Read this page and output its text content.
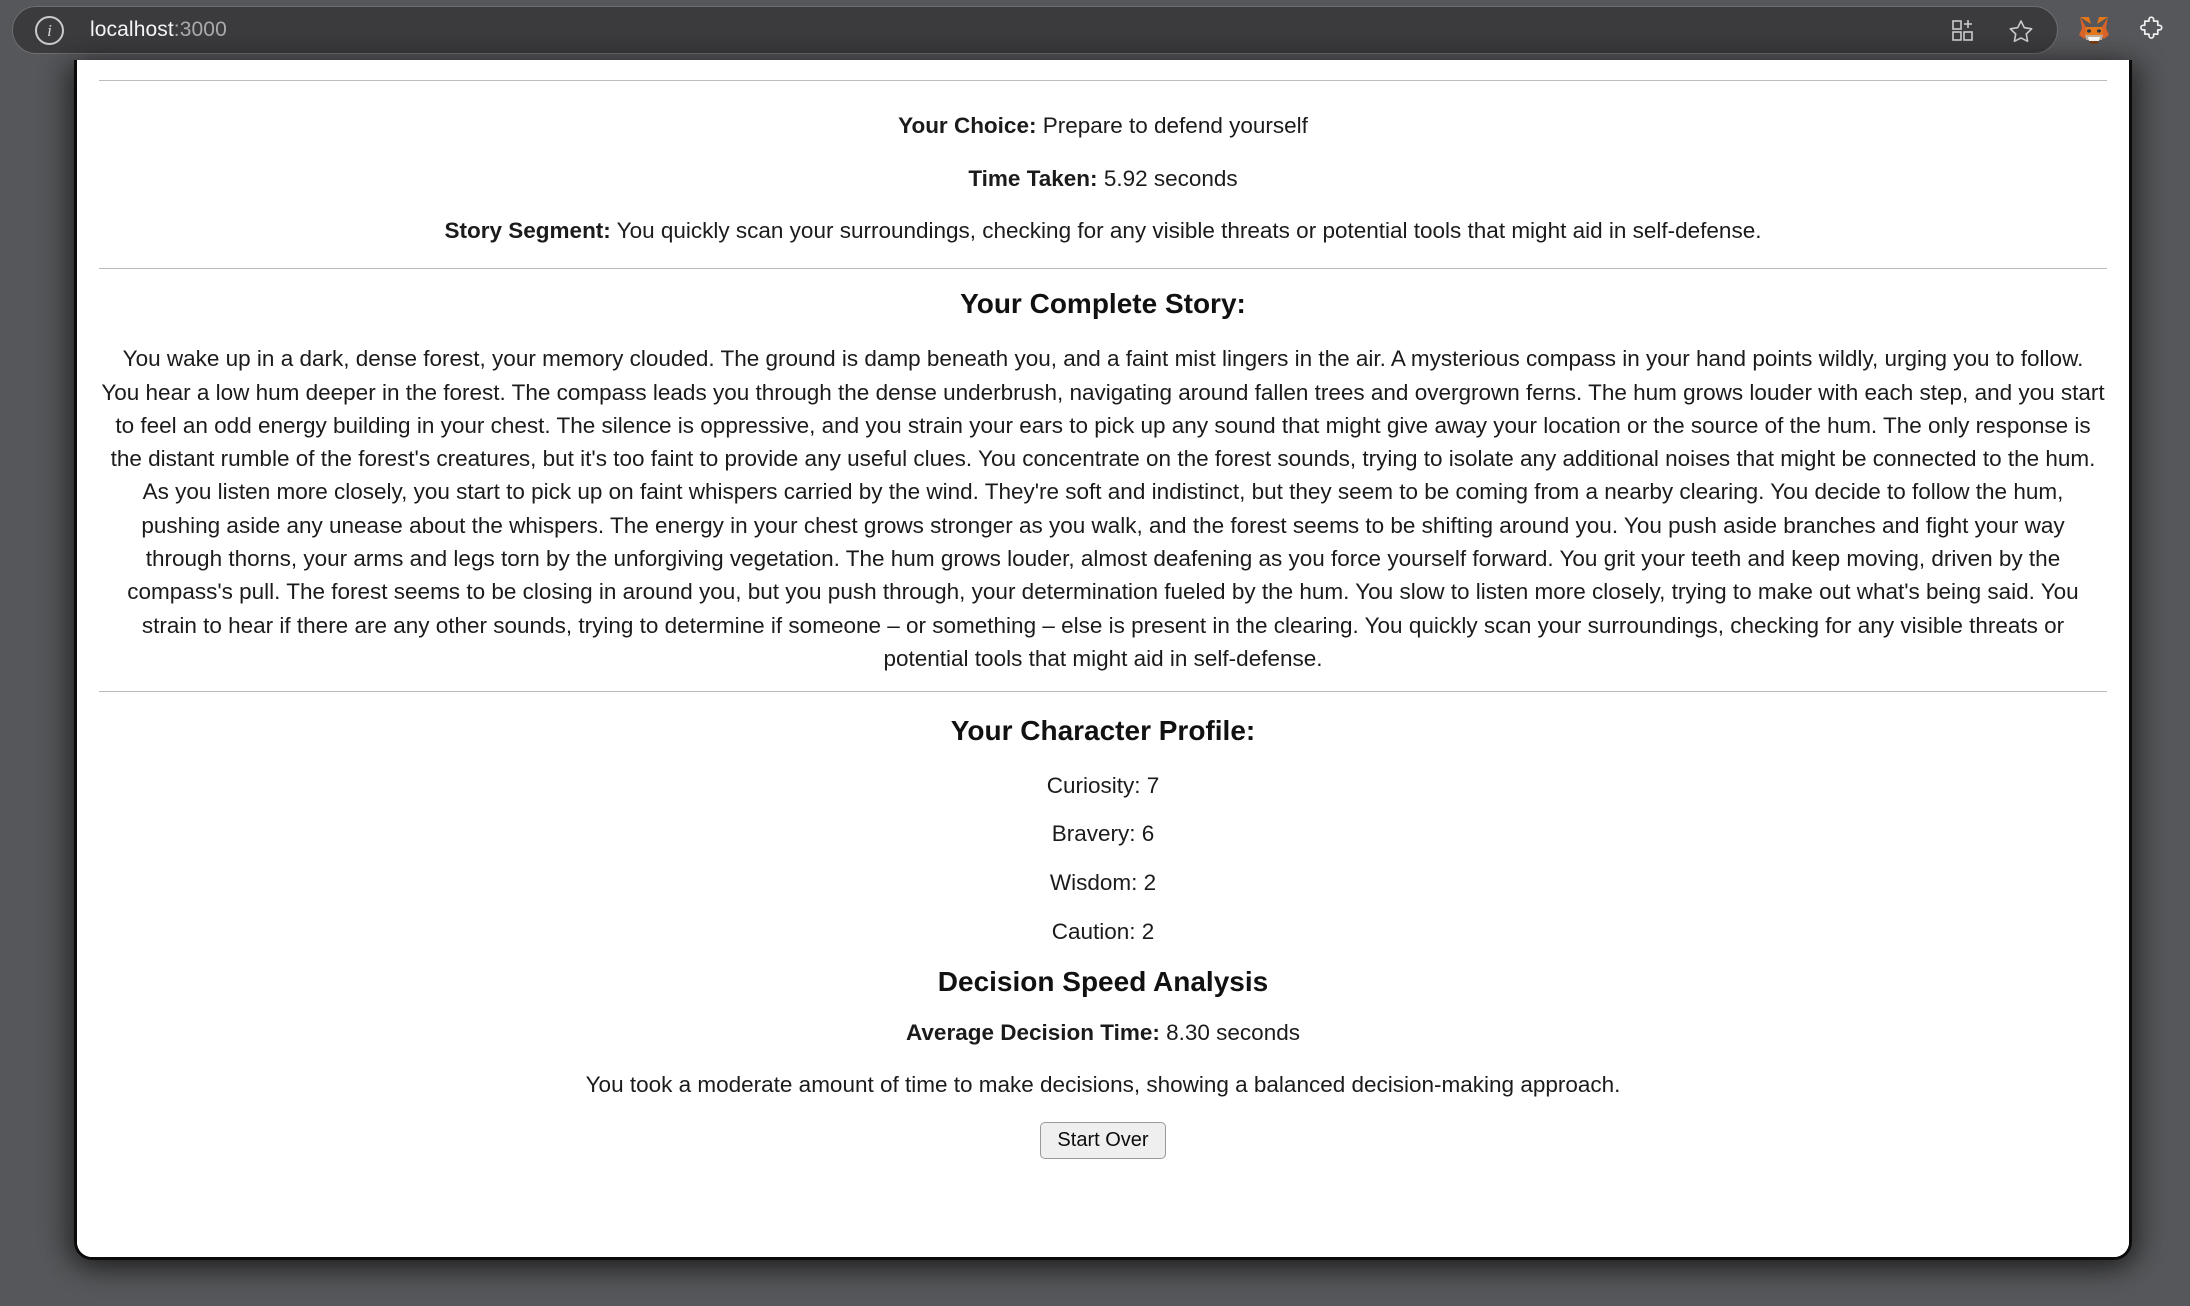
i	localhost:3000

Your Choice: Prepare to defend yourself

Time Taken: 5.92 seconds

Story Segment: You quickly scan your surroundings, checking for any visible threats or potential tools that might aid in self-defense.

Your Complete Story:

You wake up in a dark, dense forest, your memory clouded. The ground is damp beneath you, and a faint mist lingers in the air. A mysterious compass in your hand points wildly, urging you to follow. You hear a low hum deeper in the forest. The compass leads you through the dense underbrush, navigating around fallen trees and overgrown ferns. The hum grows louder with each step, and you start to feel an odd energy building in your chest. The silence is oppressive, and you strain your ears to pick up any sound that might give away your location or the source of the hum. The only response is the distant rumble of the forest's creatures, but it's too faint to provide any useful clues. You concentrate on the forest sounds, trying to isolate any additional noises that might be connected to the hum. As you listen more closely, you start to pick up on faint whispers carried by the wind. They're soft and indistinct, but they seem to be coming from a nearby clearing. You decide to follow the hum, pushing aside any unease about the whispers. The energy in your chest grows stronger as you walk, and the forest seems to be shifting around you. You push aside branches and fight your way through thorns, your arms and legs torn by the unforgiving vegetation. The hum grows louder, almost deafening as you force yourself forward. You grit your teeth and keep moving, driven by the compass's pull. The forest seems to be closing in around you, but you push through, your determination fueled by the hum. You slow to listen more closely, trying to make out what's being said. You strain to hear if there are any other sounds, trying to determine if someone – or something – else is present in the clearing. You quickly scan your surroundings, checking for any visible threats or potential tools that might aid in self-defense.

Your Character Profile:

Curiosity: 7

Bravery: 6

Wisdom: 2

Caution: 2

Decision Speed Analysis

Average Decision Time: 8.30 seconds

You took a moderate amount of time to make decisions, showing a balanced decision-making approach.

Start Over
